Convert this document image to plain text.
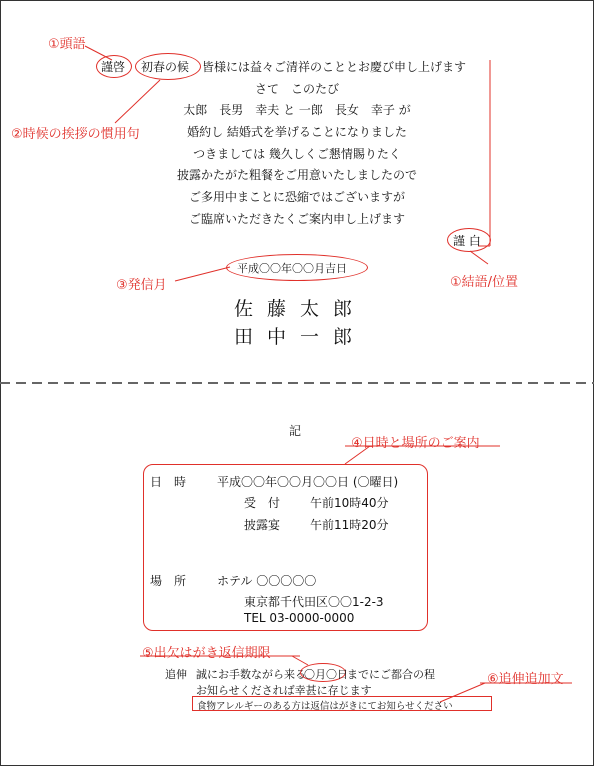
①頭語
②時候の挨拶の慣用句
③発信月	①結語/位置
④日時と場所のご案内
⑤出欠はがき返信期限
⑥追伸追加文
謹啓 初春の候 皆様には益々ご清祥のこととお慶び申し上げます
さて　このたび
太郎　長男　幸夫 と 一郎　長女　幸子 が
婚約し 結婚式を挙げることになりました
つきましては 幾久しくご懇情賜りたく
披露かたがた粗餐をご用意いたしましたので
ご多用中まことに恐縮ではございますが
ご臨席いただきたくご案内申し上げます
謹 白
平成〇〇年〇〇月吉日
佐藤太郎
田中一郎
記
日　時	平成〇〇年〇〇月〇〇日 (〇曜日)
受　付 午前10時40分
披露宴 午前11時20分
場　所	ホテル 〇〇〇〇〇
東京都千代田区〇〇1-2-3
TEL 03-0000-0000
追伸 誠にお手数ながら来る
〇月〇日 までにご都合の程
お知らせくだされば幸甚に存じます
食物アレルギーのある方は返信はがきにてお知らせください
